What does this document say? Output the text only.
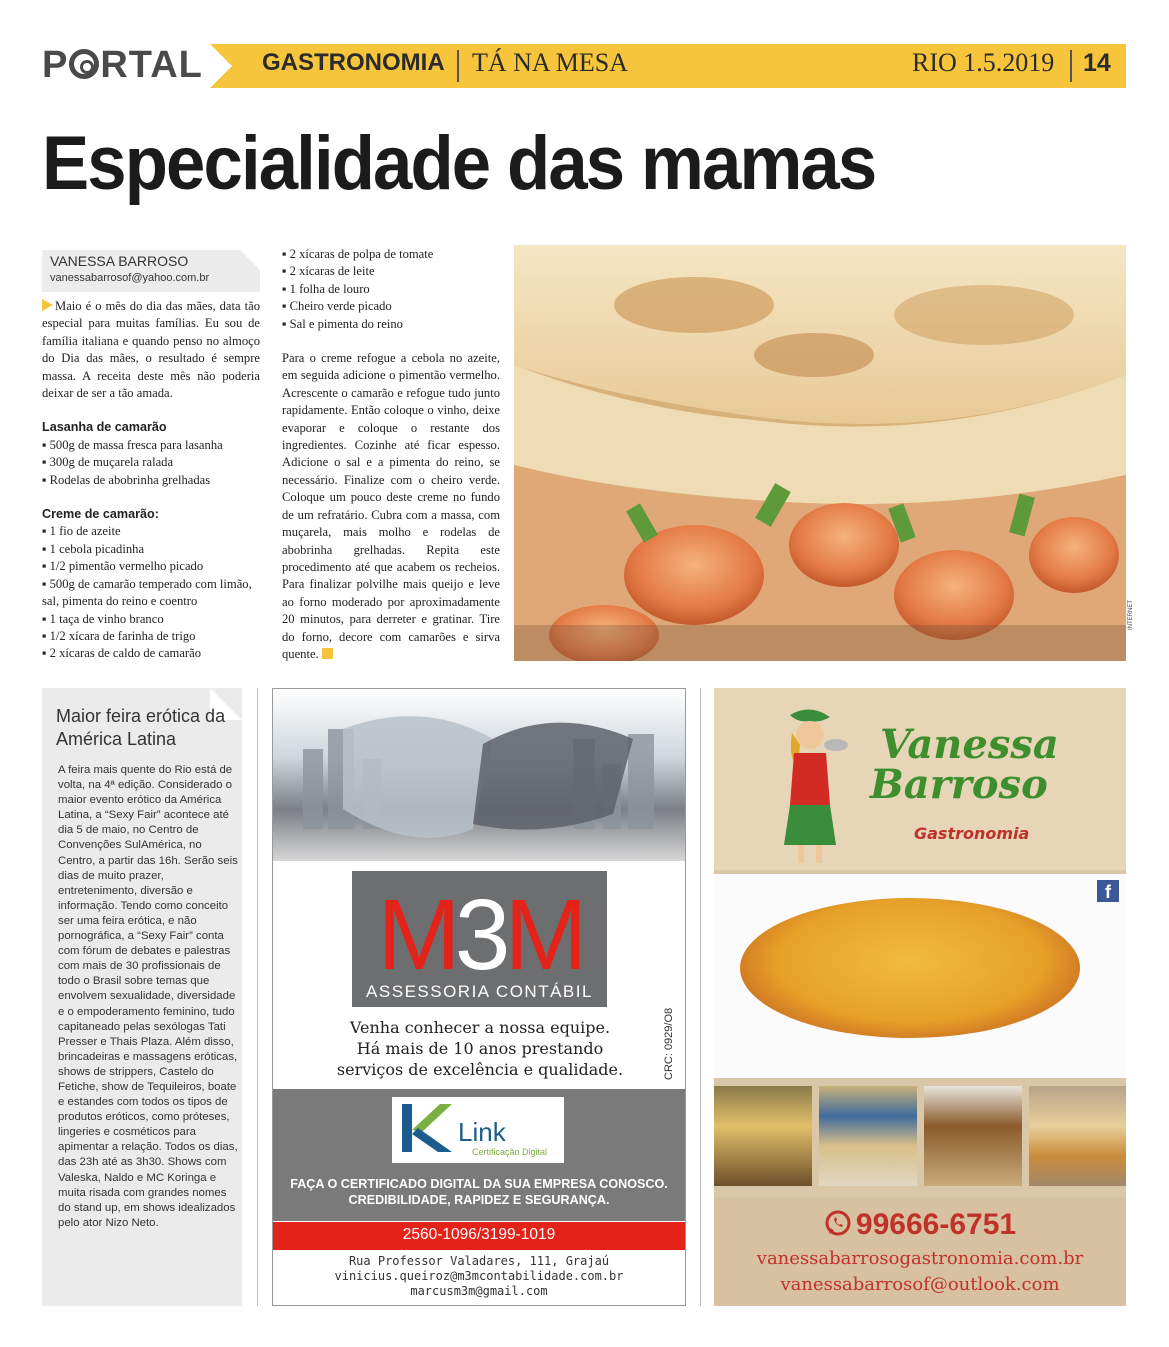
P RTAL GASTRONOMIA TÁ NA MESA	RIO 1.5.2019 14
Especialidade das mamas
VANESSA BARROSO
vanessabarrosof@yahoo.com.br

Maio é o mês do dia das mães, data tão especial para muitas famílias. Eu sou de família italiana e quando penso no almoço do Dia das mães, o resultado é sempre massa. A receita deste mês não poderia deixar de ser a tão amada.

Lasanha de camarão

▪ 500g de massa fresca para lasanha

▪ 300g de muçarela ralada

▪ Rodelas de abobrinha grelhadas

Creme de camarão:

▪ 1 fio de azeite

▪ 1 cebola picadinha

▪ 1/2 pimentão vermelho picado

▪ 500g de camarão temperado com limão, sal, pimenta do reino e coentro

▪ 1 taça de vinho branco

▪ 1/2 xícara de farinha de trigo

▪ 2 xícaras de caldo de camarão

▪ 2 xícaras de polpa de tomate

▪ 2 xícaras de leite

▪ 1 folha de louro

▪ Cheiro verde picado

▪ Sal e pimenta do reino

Para o creme refogue a cebola no azeite, em seguida adicione o pimentão vermelho. Acrescente o camarão e refogue tudo junto rapidamente. Então coloque o vinho, deixe evaporar e coloque o restante dos ingredientes. Cozinhe até ficar espesso. Adicione o sal e a pimenta do reino, se necessário. Finalize com o cheiro verde. Coloque um pouco deste creme no fundo de um refratário. Cubra com a massa, com muçarela, mais molho e rodelas de abobrinha grelhadas. Repita este procedimento até que acabem os recheios. Para finalizar polvilhe mais queijo e leve ao forno moderado por aproximadamente 20 minutos, para derreter e gratinar. Tire do forno, decore com camarões e sirva quente.

INTERNET
Maior feira erótica da América Latina
A feira mais quente do Rio está de volta, na 4ª edição. Considerado o maior evento erótico da América Latina, a “Sexy Fair” acontece até dia 5 de maio, no Centro de Convenções SulAmérica, no Centro, a partir das 16h. Serão seis dias de muito prazer, entretenimento, diversão e informação. Tendo como conceito ser uma feira erótica, e não pornográfica, a “Sexy Fair” conta com fórum de debates e palestras com mais de 30 profissionais de todo o Brasil sobre temas que envolvem sexualidade, diversidade e o empoderamento feminino, tudo capitaneado pelas sexólogas Tati Presser e Thais Plaza. Além disso, brincadeiras e massagens eróticas, shows de strippers, Castelo do Fetiche, show de Tequileiros, boate e estandes com todos os tipos de produtos eróticos, como próteses, lingeries e cosméticos para apimentar a relação. Todos os dias, das 23h até as 3h30. Shows com Valeska, Naldo e MC Koringa e muita risada com grandes nomes do stand up, em shows idealizados pelo ator Nizo Neto.
M3M
ASSESSORIA CONTÁBIL
Venha conhecer a nossa equipe.
Há mais de 10 anos prestando
serviços de excelência e qualidade.	CRC: 0929/O8
Link
Certificação Digital
FAÇA O CERTIFICADO DIGITAL DA SUA EMPRESA CONOSCO.
CREDIBILIDADE, RAPIDEZ E SEGURANÇA.
2560-1096/3199-1019
Rua Professor Valadares, 111, Grajaú
vinicius.queiroz@m3mcontabilidade.com.br
marcusm3m@gmail.com
Vanessa
Barroso
Gastronomia
f
99666-6751
vanessabarrosogastronomia.com.br
vanessabarrosof@outlook.com
